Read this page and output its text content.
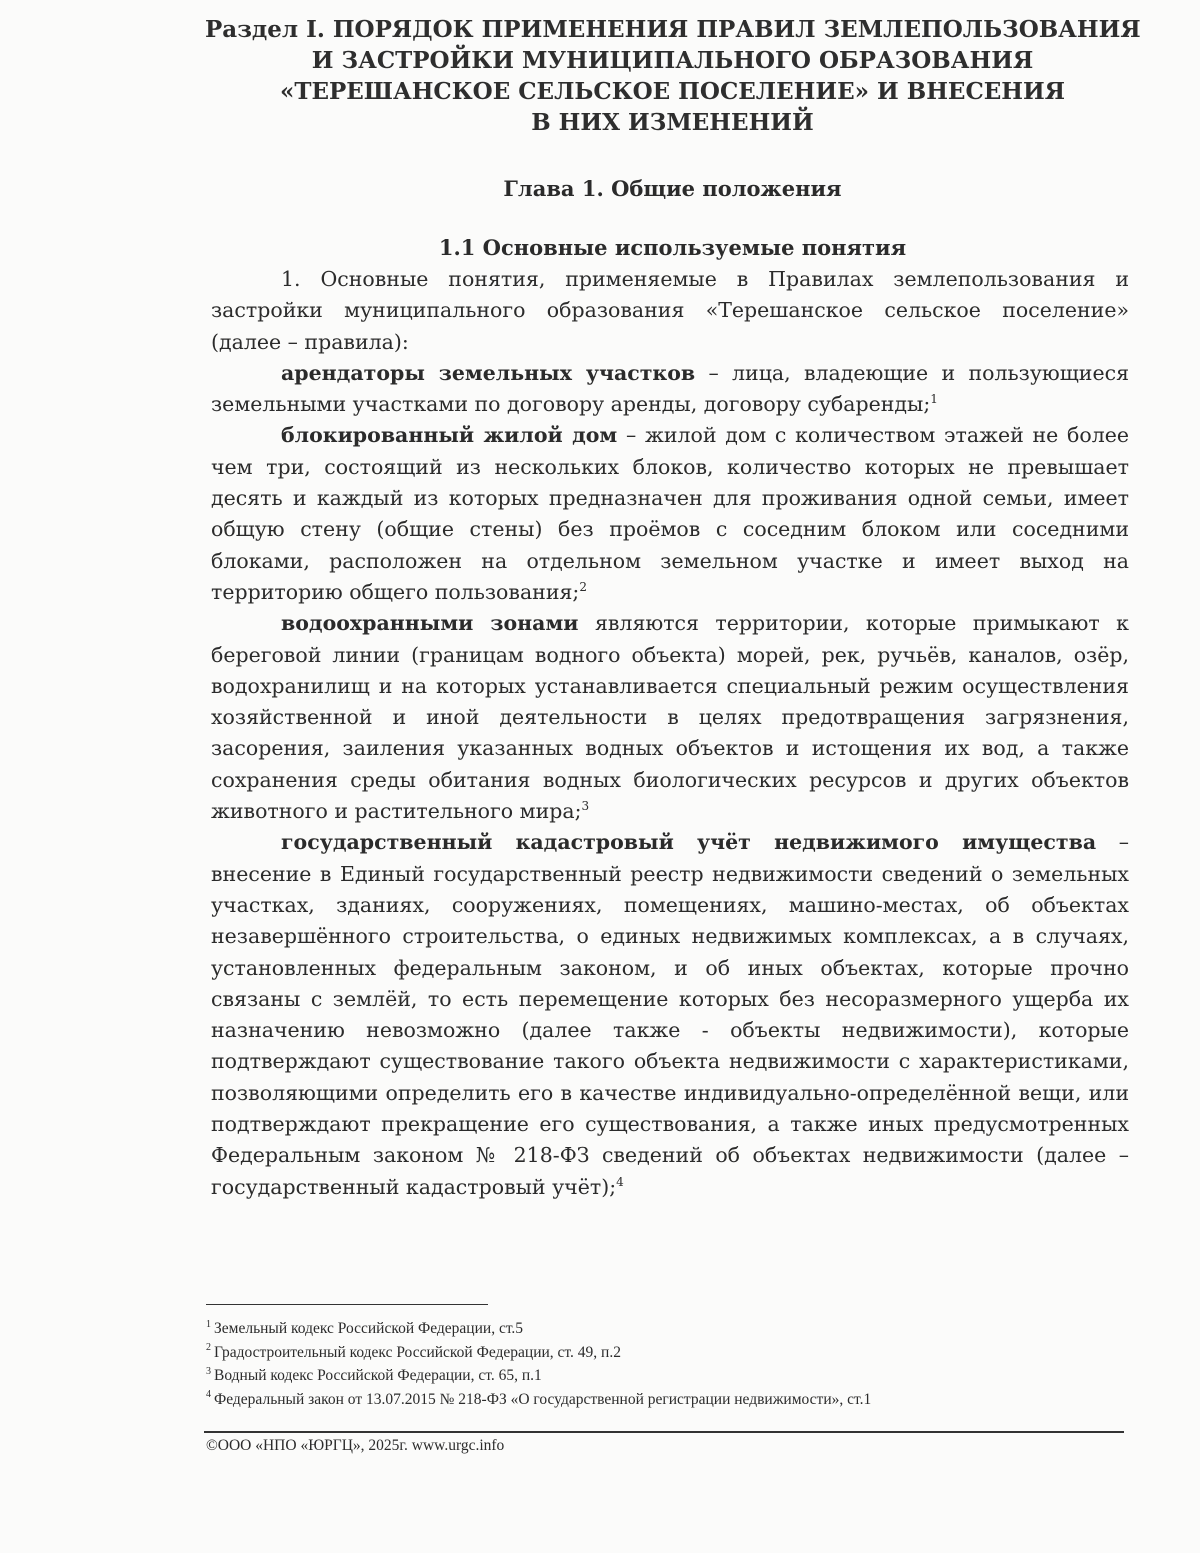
Раздел I. ПОРЯДОК ПРИМЕНЕНИЯ ПРАВИЛ ЗЕМЛЕПОЛЬЗОВАНИЯ
И ЗАСТРОЙКИ МУНИЦИПАЛЬНОГО ОБРАЗОВАНИЯ
«ТЕРЕШАНСКОЕ СЕЛЬСКОЕ ПОСЕЛЕНИЕ» И ВНЕСЕНИЯ
В НИХ ИЗМЕНЕНИЙ
Глава 1. Общие положения
1.1 Основные используемые понятия

1. Основные понятия, применяемые в Правилах землепользования и застройки муниципального образования «Терешанское сельское поселение» (далее – правила):

арендаторы земельных участков – лица, владеющие и пользующиеся земельными участками по договору аренды, договору субаренды;$^1$

блокированный жилой дом – жилой дом с количеством этажей не более чем три, состоящий из нескольких блоков, количество которых не превышает десять и каждый из которых предназначен для проживания одной семьи, имеет общую стену (общие стены) без проёмов с соседним блоком или соседними блоками, расположен на отдельном земельном участке и имеет выход на территорию общего пользования;$^2$

водоохранными зонами являются территории, которые примыкают к береговой линии (границам водного объекта) морей, рек, ручьёв, каналов, озёр, водохранилищ и на которых устанавливается специальный режим осуществления хозяйственной и иной деятельности в целях предотвращения загрязнения, засорения, заиления указанных водных объектов и истощения их вод, а также сохранения среды обитания водных биологических ресурсов и других объектов животного и растительного мира;$^3$

государственный кадастровый учёт недвижимого имущества – внесение в Единый государственный реестр недвижимости сведений о земельных участках, зданиях, сооружениях, помещениях, машино-местах, об объектах незавершённого строительства, о единых недвижимых комплексах, а в случаях, установленных федеральным законом, и об иных объектах, которые прочно связаны с землёй, то есть перемещение которых без несоразмерного ущерба их назначению невозможно (далее также - объекты недвижимости), которые подтверждают существование такого объекта недвижимости с характеристиками, позволяющими определить его в качестве индивидуально-определённой вещи, или подтверждают прекращение его существования, а также иных предусмотренных Федеральным законом № 218-ФЗ сведений об объектах недвижимости (далее – государственный кадастровый учёт);$^4$

$^1$ Земельный кодекс Российской Федерации, ст.5
$^2$ Градостроительный кодекс Российской Федерации, ст. 49, п.2
$^3$ Водный кодекс Российской Федерации, ст. 65, п.1
$^4$ Федеральный закон от 13.07.2015 № 218-ФЗ «О государственной регистрации недвижимости», ст.1
©ООО «НПО «ЮРГЦ», 2025г. www.urgc.info
